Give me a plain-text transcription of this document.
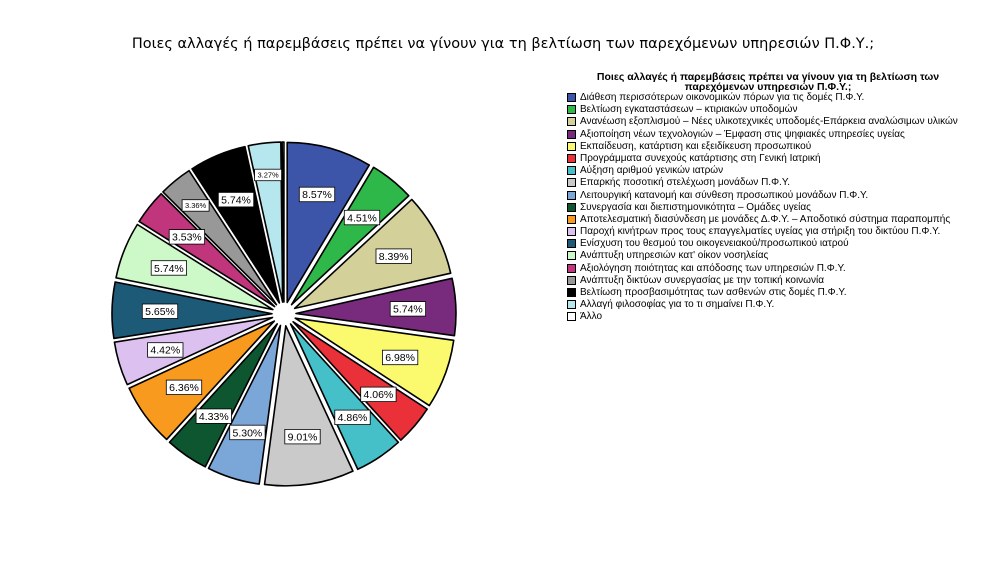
Ποιες αλλαγές ή παρεμβάσεις πρέπει να γίνουν για τη βελτίωση των παρεχόμενων υπηρεσιών Π.Φ.Υ.;
8.57%
4.51%
8.39%
5.74%
6.98%
4.06%
4.86%
9.01%
5.30%
4.33%
6.36%
4.42%
5.65%
5.74%
3.53%
3.36% 5.74%
3.27%
Ποιες αλλαγές ή παρεμβάσεις πρέπει να γίνουν για τη βελτίωση των παρεχόμενων υπηρεσιών Π.Φ.Υ.;
Διάθεση περισσότερων οικονομικών πόρων για τις δομές Π.Φ.Υ.
Βελτίωση εγκαταστάσεων – κτιριακών υποδομών
Ανανέωση εξοπλισμού – Νέες υλικοτεχνικές υποδομές-Επάρκεια αναλώσιμων υλικών
Αξιοποίηση νέων τεχνολογιών – Έμφαση στις ψηφιακές υπηρεσίες υγείας
Εκπαίδευση, κατάρτιση και εξειδίκευση προσωπικού
Προγράμματα συνεχούς κατάρτισης στη Γενική Ιατρική
Αύξηση αριθμού γενικών ιατρών
Επαρκής ποσοτική στελέχωση μονάδων Π.Φ.Υ.
Λειτουργική κατανομή και σύνθεση προσωπικού μονάδων Π.Φ.Υ.
Συνεργασία και διεπιστημονικότητα – Ομάδες υγείας
Αποτελεσματική διασύνδεση με μονάδες Δ.Φ.Υ. – Αποδοτικό σύστημα παραπομπής
Παροχή κινήτρων προς τους επαγγελματίες υγείας για στήριξη του δικτύου Π.Φ.Υ.
Ενίσχυση του θεσμού του οικογενειακού/προσωπικού ιατρού
Ανάπτυξη υπηρεσιών κατ' οίκον νοσηλείας
Αξιολόγηση ποιότητας και απόδοσης των υπηρεσιών Π.Φ.Υ.
Ανάπτυξη δικτύων συνεργασίας με την τοπική κοινωνία
Βελτίωση προσβασιμότητας των ασθενών στις δομές Π.Φ.Υ.
Αλλαγή φιλοσοφίας για το τι σημαίνει Π.Φ.Υ.
Άλλο
